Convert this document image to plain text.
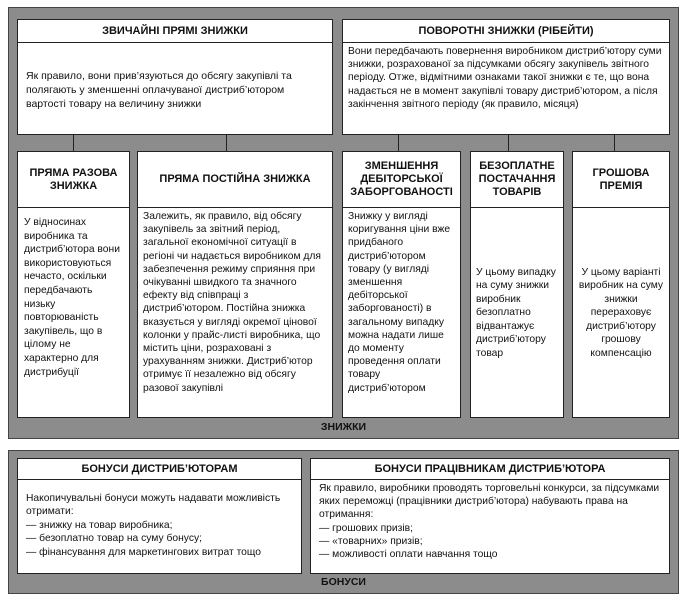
ЗВИЧАЙНІ ПРЯМІ ЗНИЖКИ
Як правило, вони прив’язуються до обсягу закупівлі та полягають у зменшенні оплачуваної дистриб’ютором вартості товару на величину знижки
ПОВОРОТНІ ЗНИЖКИ (РІБЕЙТИ)
Вони передбачають повернення виробником дистриб’ютору суми знижки, розрахованої за підсумками обсягу закупівель звітного періоду. Отже, відмітними ознаками такої знижки є те, що вона надається не в момент закупівлі товару дистриб’ютором, а після закінчення звітного періоду (як правило, місяця)
ПРЯМА РАЗОВА ЗНИЖКА
У відносинах виробника та дистриб’ютора вони використовуються нечасто, оскільки передбачають низьку повторюваність закупівель, що в цілому не характерно для дистрибуції
ПРЯМА ПОСТІЙНА ЗНИЖКА
Залежить, як правило, від обсягу закупівель за звітний період, загальної економічної ситуації в регіоні чи надається виробником для забезпечення режиму сприяння при очікуванні швидкого та значного ефекту від співпраці з дистриб’ютором. Постійна знижка вказується у вигляді окремої цінової колонки у прайс-листі виробника, що містить ціни, розраховані з урахуванням знижки. Дистриб’ютор отримує її незалежно від обсягу разової закупівлі
ЗМЕНШЕННЯ ДЕБІТОРСЬКОЇ ЗАБОРГОВАНОСТІ
Знижку у вигляді коригування ціни вже придбаного дистриб’ютором товару (у вигляді зменшення дебіторської заборгованості) в загальному випадку можна надати лише до моменту проведення оплати товару дистриб’ютором
БЕЗОПЛАТНЕ ПОСТАЧАННЯ ТОВАРІВ
У цьому випадку на суму знижки виробник безоплатно відвантажує дистриб’ютору товар
ГРОШОВА ПРЕМІЯ
У цьому варіанті виробник на суму знижки перераховує дистриб’ютору грошову компенсацію
ЗНИЖКИ
БОНУСИ ДИСТРИБ’ЮТОРАМ
Накопичувальні бонуси можуть надавати можливість отримати:
— знижку на товар виробника;
— безоплатно товар на суму бонусу;
— фінансування для маркетингових витрат тощо
БОНУСИ ПРАЦІВНИКАМ ДИСТРИБ’ЮТОРА
Як правило, виробники проводять торговельні конкурси, за підсумками яких переможці (працівники дистриб’ютора) набувають права на отримання:
— грошових призів;
— «товарних» призів;
— можливості оплати навчання тощо
БОНУСИ
